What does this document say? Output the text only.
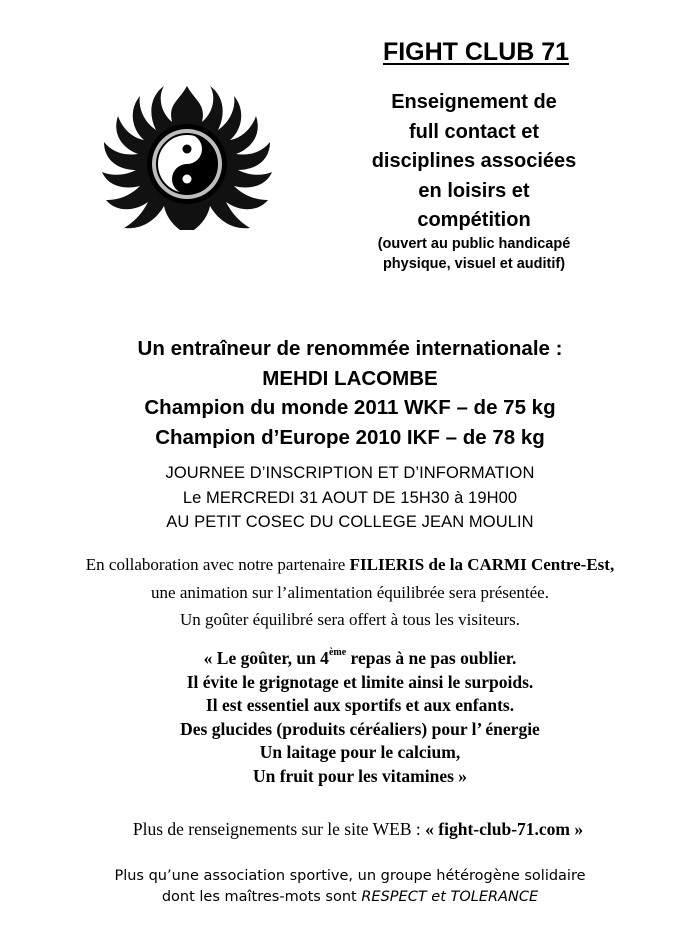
FIGHT CLUB 71
Enseignement de
full contact et
disciplines associées
en loisirs et
compétition
(ouvert au public handicapé
physique, visuel et auditif)
Un entraîneur de renommée internationale :
MEHDI LACOMBE
Champion du monde 2011 WKF – de 75 kg
Champion d’Europe 2010 IKF – de 78 kg
JOURNEE D’INSCRIPTION ET D’INFORMATION
Le MERCREDI 31 AOUT DE 15H30 à 19H00
AU PETIT COSEC DU COLLEGE JEAN MOULIN
En collaboration avec notre partenaire FILIERIS de la CARMI Centre-Est,
une animation sur l’alimentation équilibrée sera présentée.
Un goûter équilibré sera offert à tous les visiteurs.
« Le goûter, un 4ème repas à ne pas oublier.
Il évite le grignotage et limite ainsi le surpoids.
Il est essentiel aux sportifs et aux enfants.
Des glucides (produits céréaliers) pour l’ énergie
Un laitage pour le calcium,
Un fruit pour les vitamines »
Plus de renseignements sur le site WEB : « fight-club-71.com »
Plus qu’une association sportive, un groupe hétérogène solidaire
dont les maîtres-mots sont RESPECT et TOLERANCE
